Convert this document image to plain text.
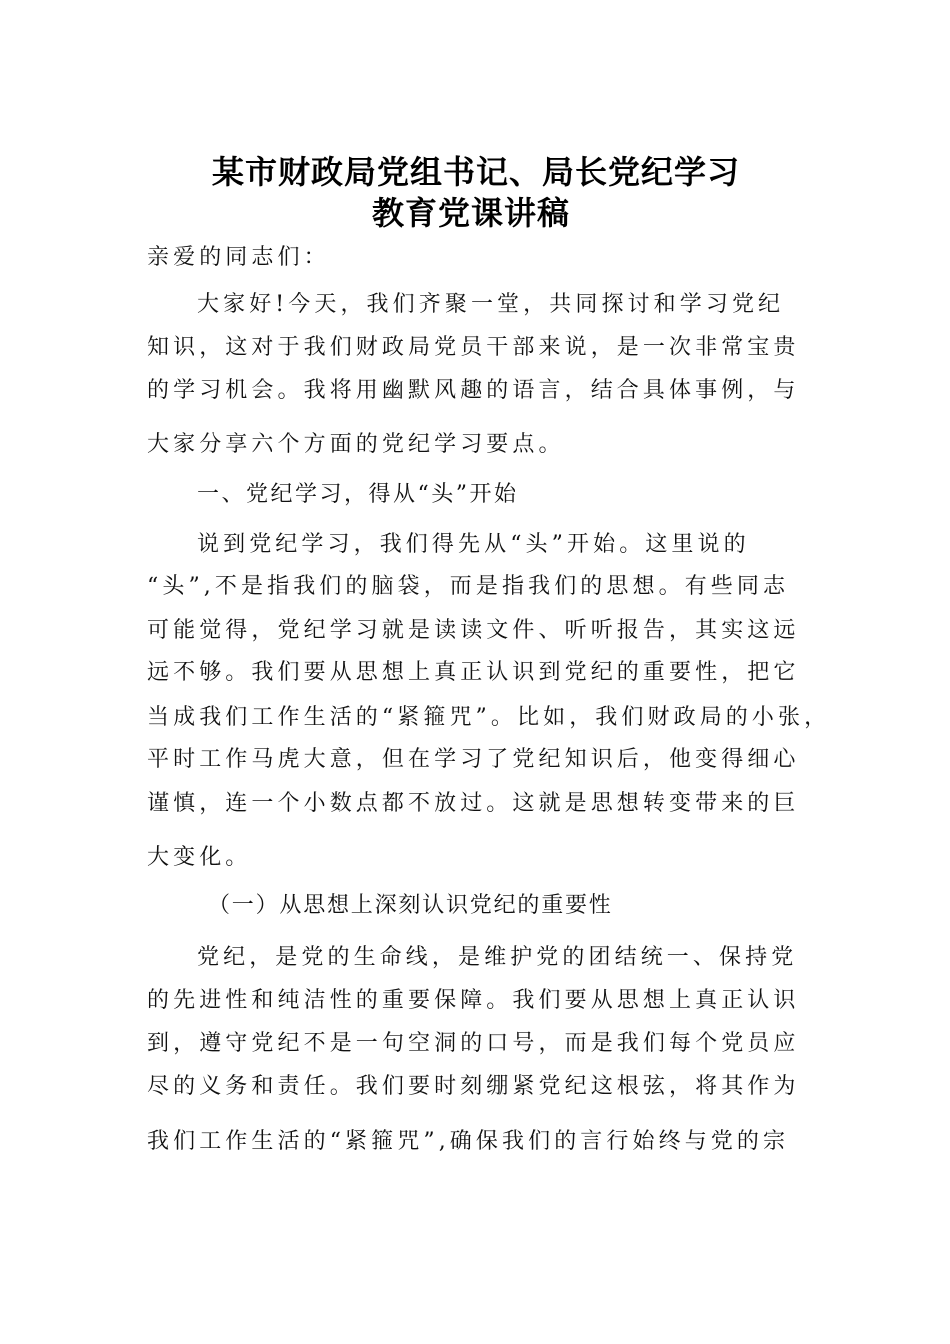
某市财政局党组书记、局长党纪学习
教育党课讲稿
亲爱的同志们：
大家好!今天，我们齐聚一堂，共同探讨和学习党纪
知识，这对于我们财政局党员干部来说，是一次非常宝贵
的学习机会。我将用幽默风趣的语言，结合具体事例，与
大家分享六个方面的党纪学习要点。
一、党纪学习，得从“头”开始
说到党纪学习，我们得先从“头”开始。这里说的
“头”,不是指我们的脑袋，而是指我们的思想。有些同志
可能觉得，党纪学习就是读读文件、听听报告，其实这远
远不够。我们要从思想上真正认识到党纪的重要性，把它
当成我们工作生活的“紧箍咒”。比如，我们财政局的小张，
平时工作马虎大意，但在学习了党纪知识后，他变得细心
谨慎，连一个小数点都不放过。这就是思想转变带来的巨
大变化。
（一）从思想上深刻认识党纪的重要性
党纪，是党的生命线，是维护党的团结统一、保持党
的先进性和纯洁性的重要保障。我们要从思想上真正认识
到，遵守党纪不是一句空洞的口号，而是我们每个党员应
尽的义务和责任。我们要时刻绷紧党纪这根弦，将其作为
我们工作生活的“紧箍咒”,确保我们的言行始终与党的宗
